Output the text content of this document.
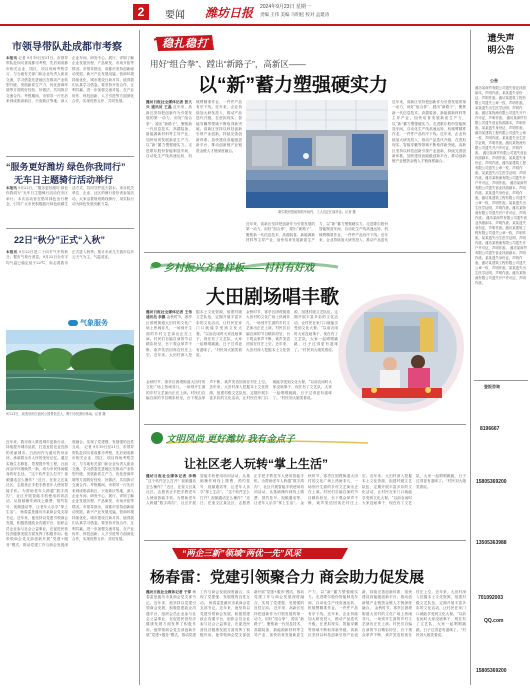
2	要闻 潍坊日报 2024年9月23日 星期一
责编 王伟 美编 马明松 校对 孟建涛
市领导带队赴成都市考察
本报讯 记者 9月19日至21日，市领导带队赴四川省成都市考察，先后到成都市相关企业、园区、项目现场考察学习，与当地有关部门和企业负责人座谈交流，学习借鉴先进地区在推动产业转型升级、发展新质生产力、优化营商环境等方面的好经验、好做法，共同探讨交流合作。考察期间，市领导一行先后来到成都高新区、天府新区等地，深入企业车间、研发中心、展厅，详细了解企业发展历程、产品研发、市场开拓等情况。市领导指出，成都市坚持创新驱动发展，新兴产业发展迅猛，营商环境持续优化，城市建设日新月异，值得我们认真学习借鉴。要坚持开放合作、互利共赢，进一步加强交流对接，在产业协作、科技创新、人才引进等方面深化合作，实现优势互补、共同发展。
“服务更好潍坊 绿色你我同行”
无车日主题骑行活动举行
本报讯 9月22日，“服务更好潍坊 绿色你我同行”无车日主题骑行活动在市区举行。本次活动旨在倡导绿色出行理念，引导广大市民积极践行绿色低碳生活方式，共同守护蓝天碧水。来自机关单位、企业、社区的骑行爱好者参加活动，大家沿着规划路线骑行，用实际行动为绿色发展贡献力量。
22日“秋分”正式“入秋”
本报讯 9月22日是二十四节气中的秋分。据市气象台消息，9月22日全市平均气温已稳定低于22℃，标志着我市正式进入秋季。预计未来几天我市以多云天气为主，气温适宜。
气象服务
9月21日，改造后的白浪河公园景色宜人，吸引市民游玩休闲。记者 摄
近年来，我市深入推进城市更新行动，持续提升城市品质，打造宜居宜业宜游的美丽城市。白浪河作为潍坊的母亲河，承载着全市人民的美好记忆。通过实施生态修复、景观提升等工程，白浪河沿岸环境焕然一新，成为市民休闲健身的好去处。 “这个软件怎么打开？视频通话怎么操作？”近日，在奎文区某社区，志愿者正手把手教老年人使用智能手机。为帮助老年人跨越“数字鸿沟”，社区开展智能手机使用培训活动，从基础操作到线上缴费、预约挂号、视频通话等，让老年人乐享“掌上生活”。 杨春雷是潍坊市某商会党支部书记。近年来，他坚持以党建引领商会发展，积极搭建政企沟通平台，组织会员企业参与社会公益事业，在促进民营经济健康发展方面发挥了积极作用。他带领商会党支部创新开展“党建+服务”模式，推动党建工作与商会发展深度融合，实现了党建强、发展强的良性互动。 记者 9月19日至21日，市领导带队赴四川省成都市考察，先后到成都市相关企业、园区、项目现场考察学习，与当地有关部门和企业负责人座谈交流，学习借鉴先进地区在推动产业转型升级、发展新质生产力、优化营商环境等方面的好经验、好做法，共同探讨交流合作。考察期间，市领导一行先后来到成都高新区、天府新区等地，深入企业车间、研发中心、展厅，详细了解企业发展历程、产品研发、市场开拓等情况。市领导指出，成都市坚持创新驱动发展，新兴产业发展迅猛，营商环境持续优化，城市建设日新月异，值得我们认真学习借鉴。要坚持开放合作、互利共赢，进一步加强交流对接，在产业协作、科技创新、人才引进等方面深化合作，实现优势互补、共同发展。
稳扎稳打 有干头
用好“组合拳”、蹚出“新路子”，高新区——
以“新”蓄力塑强硬实力
潍坊日报社全媒体记者 张大兴 通讯员 王磊 近年来，高新区坚持把创新作为引领发展的第一动力，用好“组合拳”、蹚出“新路子”，聚焦新一代信息技术、高端装备、新能源新材料等主导产业，加快培育发展新质生产力，以“新”蓄力塑强硬实力。走进歌尔股份智能制造车间，自动化生产线高速运转，机械臂精准作业，一件件产品有序下线。近年来，企业持续加大研发投入，推动产品迭代升级，在虚拟现实、智能穿戴等领域不断取得新突破。高新区坚持以科技创新引领产业创新，持续完善创新体系，加快建设高能级创新平台，推动创新链产业链资金链人才链深度融合。
歌尔股份智能制造车间内，工人们正忙碌作业。记者 摄
近年来，高新区坚持把创新作为引领发展的第一动力，用好“组合拳”、蹚出“新路子”，聚焦新一代信息技术、高端装备、新能源新材料等主导产业，加快培育发展新质生产力，以“新”蓄力塑强硬实力。走进歌尔股份智能制造车间，自动化生产线高速运转，机械臂精准作业，一件件产品有序下线。近年来，企业持续加大研发投入，推动产品迭代
近年来，高新区坚持把创新作为引领发展的第一动力，用好“组合拳”、蹚出“新路子”，聚焦新一代信息技术、高端装备、新能源新材料等主导产业，加快培育发展新质生产力，以“新”蓄力塑强硬实力。走进歌尔股份智能制造车间，自动化生产线高速运转，机械臂精准作业，一件件产品有序下线。近年来，企业持续加大研发投入，推动产品迭代升级，在虚拟现实、智能穿戴等领域不断取得新突破。高新区坚持以科技创新引领产业创新，持续完善创新体系，加快建设高能级创新平台，推动创新链产业链资金链人才链深度融合。
乡村振兴齐鲁样板——村村有好戏
大田剧场唱丰歌
潍坊日报社全媒体记者 王伟 通讯员 李娜 金秋时节，寒亭区固堤街道大田村的文化广场上热闹非凡，一场别开生面的乡村文艺演出正在上演。村民们自编自演的节目精彩纷呈，台下观众掌声不断，欢声笑语回荡在村庄上空。近年来，大田村深入挖掘本土文化资源，组建村级文艺队伍，定期开展丰富多彩的文化活动，让村民在家门口就能享受到文化大餐。“以前农闲时大家没啥事干，现在有了文艺队，大家一起唱唱跳跳，日子过得更有滋味了。”村民刘大娘笑着说。
金秋时节，寒亭区固堤街道大田村的文化广场上热闹非凡，一场别开生面的乡村文艺演出正在上演。村民们自编自演的节目精彩纷呈，台下观众掌声不断，欢声笑语回荡在村庄上空。近年来，大田村深入挖掘本土文化资源，组建村级文艺队伍，定期开展丰富多彩的文化活动，让村民在家门口就能享受到文化大餐。“以前农闲时大家没啥事干，现在有了文艺队，大家一起唱唱跳跳，日子过得更有滋味了。”村民刘大娘笑着说。
金秋时节，寒亭区固堤街道大田村的文化广场上热闹非凡，一场别开生面的乡村文艺演出正在上演。村民们自编自演的节目精彩纷呈，台下观众掌声不断，欢声笑语回荡在村庄上空。近年来，大田村深入挖掘本土文化资源，组建村级文艺队伍，定期开展丰富多彩的文化活动，让村民在家门口就能享受到文化大餐。“以前农闲时大家没啥事干，现在有了文艺队，大家一起唱唱跳跳，日子过得更有滋味了。”村民刘大娘笑着说。
文明风尚 更好潍坊 我有金点子
让社区老人玩转“掌上生活”
潍坊日报社全媒体记者 李梅 “这个软件怎么打开？视频通话怎么操作？”近日，在奎文区某社区，志愿者正手把手教老年人使用智能手机。为帮助老年人跨越“数字鸿沟”，社区开展智能手机使用培训活动，从基础操作到线上缴费、预约挂号、视频通话等，让老年人乐享“掌上生活”。 “这个软件怎么打开？视频通话怎么操作？”近日，在奎文区某社区，志愿者正手把手教老年人使用智能手机。为帮助老年人跨越“数字鸿沟”，社区开展智能手机使用培训活动，从基础操作到线上缴费、预约挂号、视频通话等，让老年人乐享“掌上生活”。 金秋时节，寒亭区固堤街道大田村的文化广场上热闹非凡，一场别开生面的乡村文艺演出正在上演。村民们自编自演的节目精彩纷呈，台下观众掌声不断，欢声笑语回荡在村庄上空。近年来，大田村深入挖掘本土文化资源，组建村级文艺队伍，定期开展丰富多彩的文化活动，让村民在家门口就能享受到文化大餐。“以前农闲时大家没啥事干，现在有了文艺队，大家一起唱唱跳跳，日子过得更有滋味了。”村民刘大娘笑着说。
“两企三新”领域“两优一先”风采
杨春雷：党建引领聚合力 商会助力促发展
潍坊日报社全媒体记者 于萍 杨春雷是潍坊市某商会党支部书记。近年来，他坚持以党建引领商会发展，积极搭建政企沟通平台，组织会员企业参与社会公益事业，在促进民营经济健康发展方面发挥了积极作用。他带领商会党支部创新开展“党建+服务”模式，推动党建工作与商会发展深度融合，实现了党建强、发展强的良性互动。 杨春雷是潍坊市某商会党支部书记。近年来，他坚持以党建引领商会发展，积极搭建政企沟通平台，组织会员企业参与社会公益事业，在促进民营经济健康发展方面发挥了积极作用。他带领商会党支部创新开展“党建+服务”模式，推动党建工作与商会发展深度融合，实现了党建强、发展强的良性互动。 近年来，高新区坚持把创新作为引领发展的第一动力，用好“组合拳”、蹚出“新路子”，聚焦新一代信息技术、高端装备、新能源新材料等主导产业，加快培育发展新质生产力，以“新”蓄力塑强硬实力。走进歌尔股份智能制造车间，自动化生产线高速运转，机械臂精准作业，一件件产品有序下线。近年来，企业持续加大研发投入，推动产品迭代升级，在虚拟现实、智能穿戴等领域不断取得新突破。高新区坚持以科技创新引领产业创新，持续完善创新体系，加快建设高能级创新平台，推动创新链产业链资金链人才链深度融合。 金秋时节，寒亭区固堤街道大田村的文化广场上热闹非凡，一场别开生面的乡村文艺演出正在上演。村民们自编自演的节目精彩纷呈，台下观众掌声不断，欢声笑语回荡在村庄上空。近年来，大田村深入挖掘本土文化资源，组建村级文艺队伍，定期开展丰富多彩的文化活动，让村民在家门口就能享受到文化大餐。“以前农闲时大家没啥事干，现在有了文艺队，大家一起唱唱跳跳，日子过得更有滋味了。”村民刘大娘笑着说。
遗失声明公告
公告
潍坊某商贸有限公司遗失营业执照副本，声明作废。某某遗失身份证，声明作废。潍坊某建筑工程有限公司遗失公章一枚，声明作废。某某遗失出生医学证明，声明作废。潍坊某物流有限公司遗失开户许可证，声明作废。 潍坊某商贸有限公司遗失营业执照副本，声明作废。某某遗失身份证，声明作废。潍坊某建筑工程有限公司遗失公章一枚，声明作废。某某遗失出生医学证明，声明作废。潍坊某物流有限公司遗失开户许可证，声明作废。 潍坊某商贸有限公司遗失营业执照副本，声明作废。某某遗失身份证，声明作废。潍坊某建筑工程有限公司遗失公章一枚，声明作废。某某遗失出生医学证明，声明作废。潍坊某物流有限公司遗失开户许可证，声明作废。 潍坊某商贸有限公司遗失营业执照副本，声明作废。某某遗失身份证，声明作废。潍坊某建筑工程有限公司遗失公章一枚，声明作废。某某遗失出生医学证明，声明作废。潍坊某物流有限公司遗失开户许可证，声明作废。 潍坊某商贸有限公司遗失营业执照副本，声明作废。某某遗失身份证，声明作废。潍坊某建筑工程有限公司遗失公章一枚，声明作废。某某遗失出生医学证明，声明作废。潍坊某物流有限公司遗失开户许可证，声明作废。 潍坊某商贸有限公司遗失营业执照副本，声明作废。某某遗失身份证，声明作废。潍坊某建筑工程有限公司遗失公章一枚，声明作废。某某遗失出生医学证明，声明作废。潍坊某物流有限公司遗失开户许可证，声明作废。
登报咨询
8196667
15805369200
13505363988
701092003
QQ.com
15805369200
